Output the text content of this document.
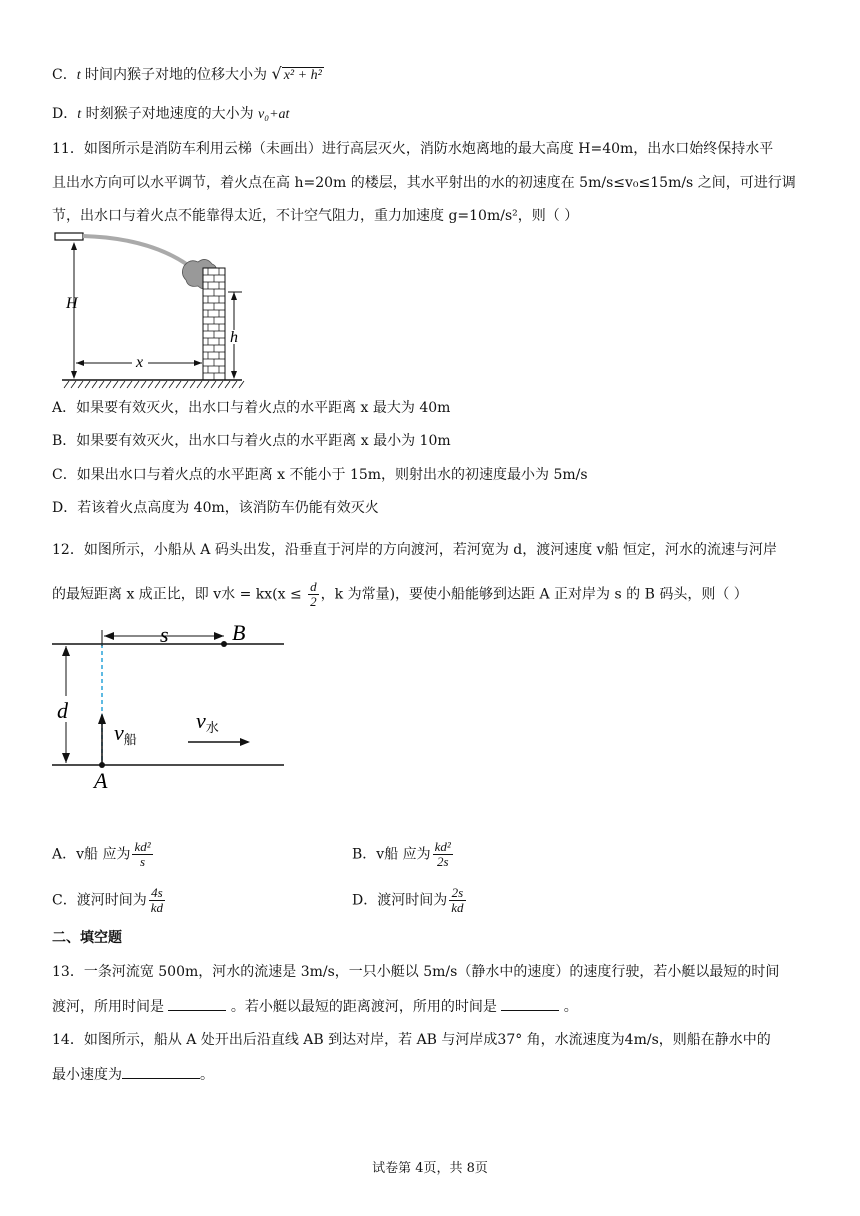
C．t 时间内猴子对地的位移大小为 √ x² + h²
D．t 时刻猴子对地速度的大小为 v₀+at
11．如图所示是消防车利用云梯（未画出）进行高层灭火，消防水炮离地的最大高度 H=40m，出水口始终保持水平
且出水方向可以水平调节，着火点在高 h=20m 的楼层，其水平射出的水的初速度在 5m/s≤v₀≤15m/s 之间，可进行调
节，出水口与着火点不能靠得太近，不计空气阻力，重力加速度 g=10m/s²，则（ ）
H
x
h
A．如果要有效灭火，出水口与着火点的水平距离 x 最大为 40m
B．如果要有效灭火，出水口与着火点的水平距离 x 最小为 10m
C．如果出水口与着火点的水平距离 x 不能小于 15m，则射出水的初速度最小为 5m/s
D．若该着火点高度为 40m，该消防车仍能有效灭火
12．如图所示，小船从 A 码头出发，沿垂直于河岸的方向渡河，若河宽为 d，渡河速度 v船 恒定，河水的流速与河岸
的最短距离 x 成正比，即 v水 = $kx(x \le \frac{d}{2}$ ，k 为常量)，要使小船能够到达距 A 正对岸为 s 的 B 码头，则（ ）
s	B
d
v船
v水
A
A．v船 应为 $\frac{\text{kd²}}{s}$	B．v船 应为 $\frac{\text{kd²}}{2s}$
C．渡河时间为 $\frac{4s}{kd}$	D．渡河时间为 $\frac{2s}{kd}$
二、填空题
13．一条河流宽 500m，河水的流速是 3m/s，一只小艇以 5m/s（静水中的速度）的速度行驶，若小艇以最短的时间
渡河，所用时间是	。若小艇以最短的距离渡河，所用的时间是	。
14．如图所示，船从 A 处开出后沿直线 AB 到达对岸，若 AB 与河岸成37° 角，水流速度为4m/s，则船在静水中的
最小速度为	。
试卷第 4页，共 8页
